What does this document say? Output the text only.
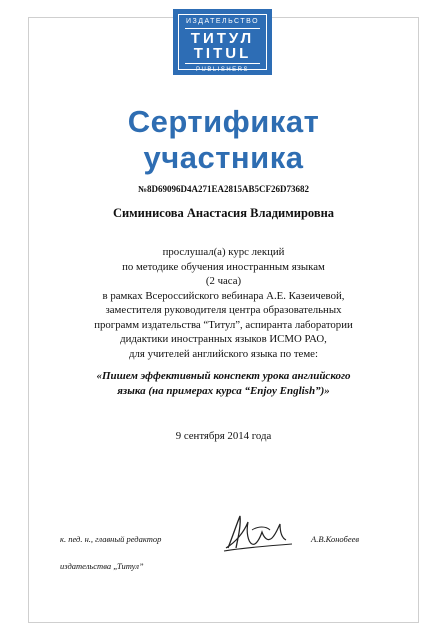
ИЗДАТЕЛЬСТВО
ТИТУЛ
TITUL
PUBLISHERS
Сертификат
участника
№8D69096D4A271EA2815AB5CF26D73682
Симинисова Анастасия Владимировна
прослушал(а) курс лекций
по методике обучения иностранным языкам
(2 часа)
в рамках Всероссийского вебинара А.Е. Казеичевой,
заместителя руководителя центра образовательных
программ издательства “Титул”, аспиранта лаборатории
дидактики иностранных языков ИСМО РАО,
для учителей английского языка по теме:
«Пишем эффективный конспект урока английского
языка (на примерах курса “Enjoy English”)»
9 сентября 2014 года
к. пед. н., главный редактор
издательства „Титул”
А.В.Конобеев
